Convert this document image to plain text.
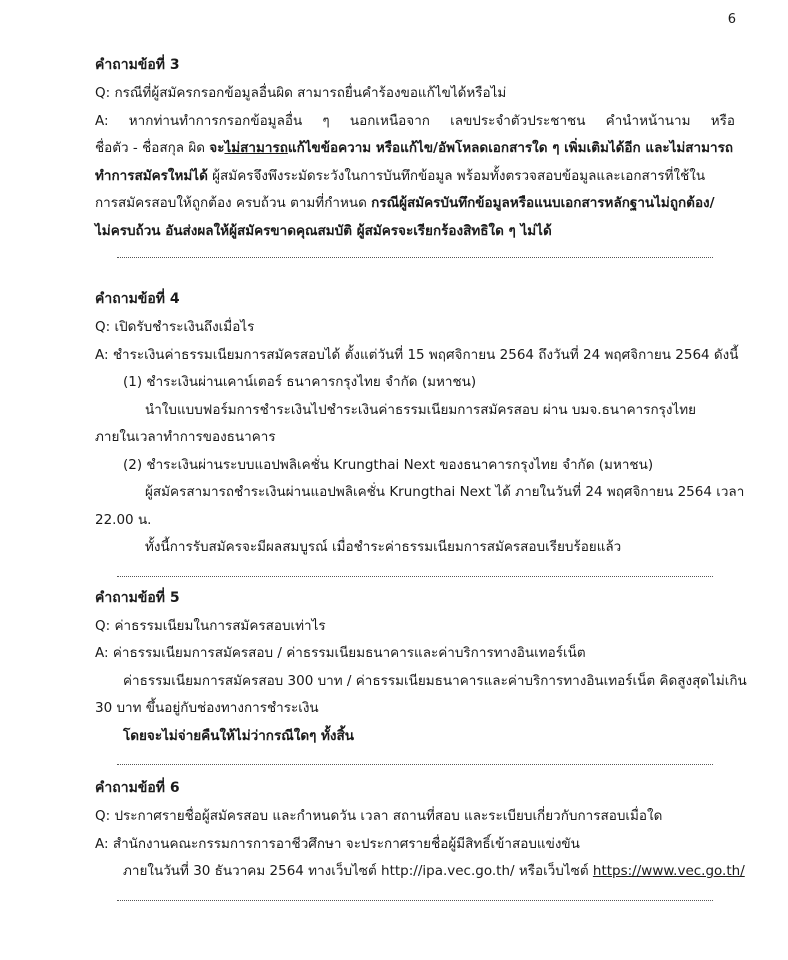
6

คำถามข้อที่ 3

Q: กรณีที่ผู้สมัครกรอกข้อมูลอื่นผิด สามารถยื่นคำร้องขอแก้ไขได้หรือไม่

A: หากท่านทำการกรอกข้อมูลอื่น ๆ นอกเหนือจาก เลขประจำตัวประชาชน คำนำหน้านาม หรือ

ชื่อตัว - ชื่อสกุล ผิด จะไม่สามารถแก้ไขข้อความ หรือแก้ไข/อัพโหลดเอกสารใด ๆ เพิ่มเติมได้อีก และไม่สามารถ

ทำการสมัครใหม่ได้ ผู้สมัครจึงพึงระมัดระวังในการบันทึกข้อมูล พร้อมทั้งตรวจสอบข้อมูลและเอกสารที่ใช้ใน

การสมัครสอบให้ถูกต้อง ครบถ้วน ตามที่กำหนด กรณีผู้สมัครบันทึกข้อมูลหรือแนบเอกสารหลักฐานไม่ถูกต้อง/

ไม่ครบถ้วน อันส่งผลให้ผู้สมัครขาดคุณสมบัติ ผู้สมัครจะเรียกร้องสิทธิใด ๆ ไม่ได้

คำถามข้อที่ 4

Q: เปิดรับชำระเงินถึงเมื่อไร

A: ชำระเงินค่าธรรมเนียมการสมัครสอบได้ ตั้งแต่วันที่ 15 พฤศจิกายน 2564 ถึงวันที่ 24 พฤศจิกายน 2564 ดังนี้

(1) ชำระเงินผ่านเคาน์เตอร์ ธนาคารกรุงไทย จำกัด (มหาชน)

นำใบแบบฟอร์มการชำระเงินไปชำระเงินค่าธรรมเนียมการสมัครสอบ ผ่าน บมจ.ธนาคารกรุงไทย

ภายในเวลาทำการของธนาคาร

(2) ชำระเงินผ่านระบบแอปพลิเคชั่น Krungthai Next ของธนาคารกรุงไทย จำกัด (มหาชน)

ผู้สมัครสามารถชำระเงินผ่านแอปพลิเคชั่น Krungthai Next ได้ ภายในวันที่ 24 พฤศจิกายน 2564 เวลา

22.00 น.

ทั้งนี้การรับสมัครจะมีผลสมบูรณ์ เมื่อชำระค่าธรรมเนียมการสมัครสอบเรียบร้อยแล้ว

คำถามข้อที่ 5

Q: ค่าธรรมเนียมในการสมัครสอบเท่าไร

A: ค่าธรรมเนียมการสมัครสอบ / ค่าธรรมเนียมธนาคารและค่าบริการทางอินเทอร์เน็ต

ค่าธรรมเนียมการสมัครสอบ 300 บาท / ค่าธรรมเนียมธนาคารและค่าบริการทางอินเทอร์เน็ต คิดสูงสุดไม่เกิน

30 บาท ขึ้นอยู่กับช่องทางการชำระเงิน

โดยจะไม่จ่ายคืนให้ไม่ว่ากรณีใดๆ ทั้งสิ้น

คำถามข้อที่ 6

Q: ประกาศรายชื่อผู้สมัครสอบ และกำหนดวัน เวลา สถานที่สอบ และระเบียบเกี่ยวกับการสอบเมื่อใด

A: สำนักงานคณะกรรมการการอาชีวศึกษา จะประกาศรายชื่อผู้มีสิทธิ์เข้าสอบแข่งขัน

ภายในวันที่ 30 ธันวาคม 2564 ทางเว็บไซต์ http://ipa.vec.go.th/ หรือเว็บไซต์ https://www.vec.go.th/
